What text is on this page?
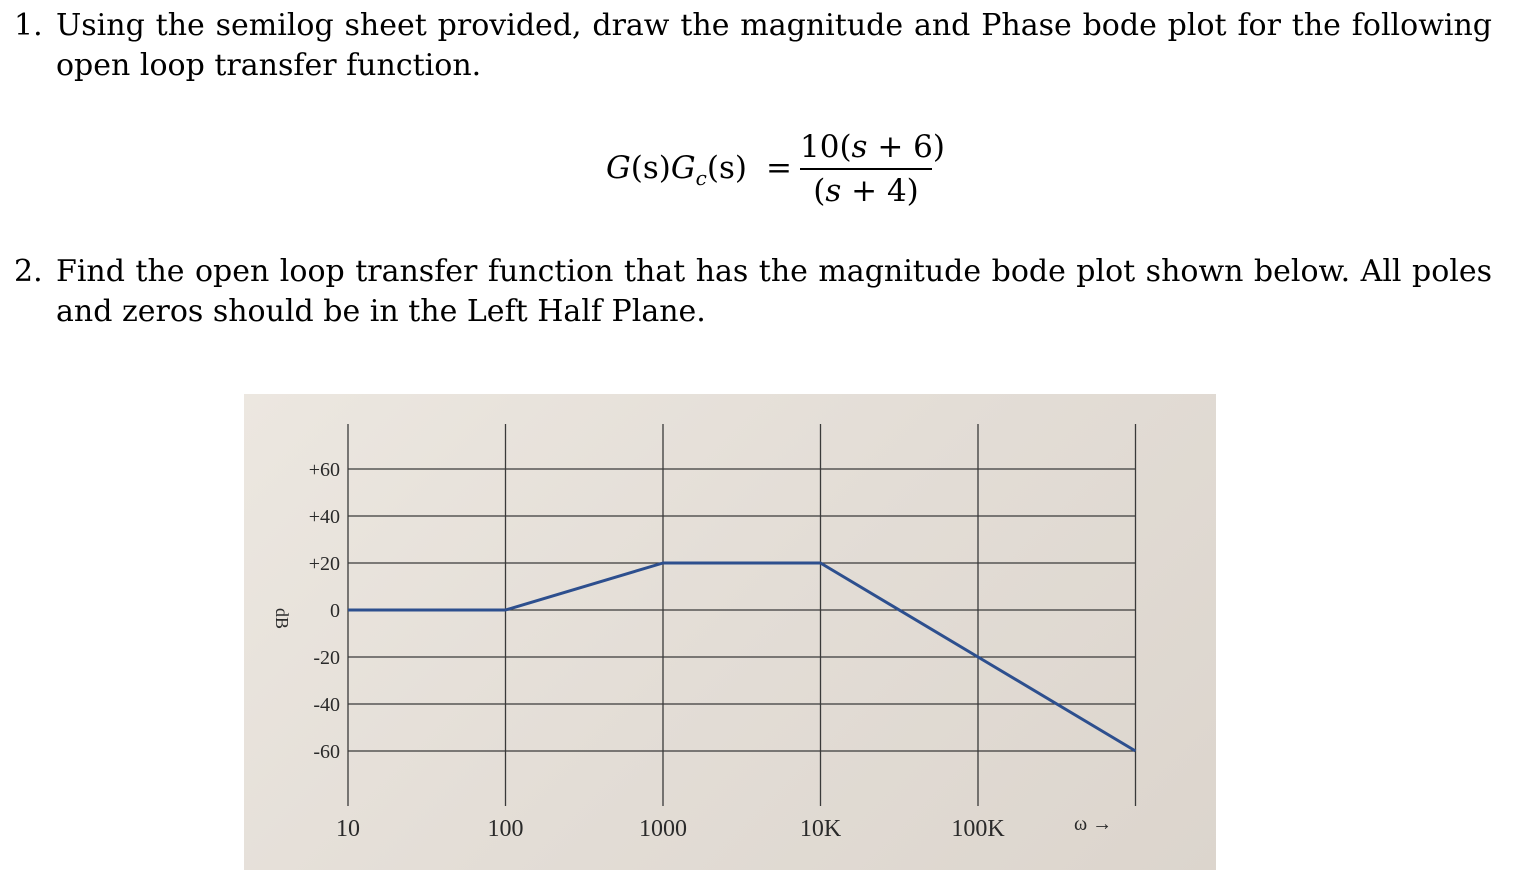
1. Using the semilog sheet provided, draw the magnitude and Phase bode plot for the following open loop transfer function.
$G(s)G_c(s)$ =
10(s + 6)
(s + 4)
2. Find the open loop transfer function that has the magnitude bode plot shown below. All poles and zeros should be in the Left Half Plane.
+60
+40
+20
0
-20
-40
-60
10	100	1000	10K	100K
dB
ω →
